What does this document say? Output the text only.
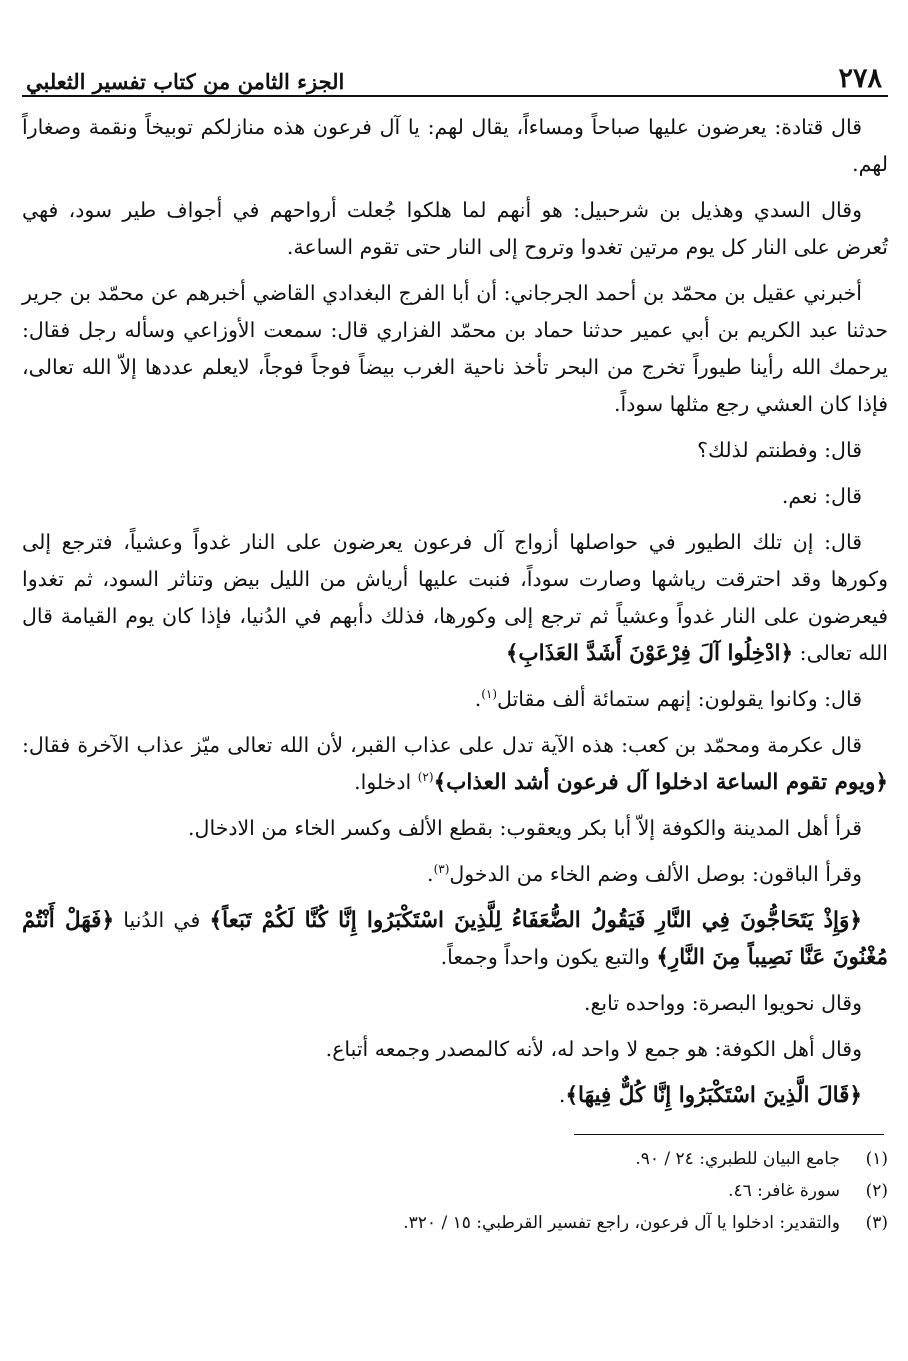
٢٧٨
الجزء الثامن من كتاب تفسير الثعلبي

قال قتادة: يعرضون عليها صباحاً ومساءاً، يقال لهم: يا آل فرعون هذه منازلكم توبيخاً ونقمة وصغاراً لهم.

وقال السدي وهذيل بن شرحبيل: هو أنهم لما هلكوا جُعلت أرواحهم في أجواف طير سود، فهي تُعرض على النار كل يوم مرتين تغدوا وتروح إلى النار حتى تقوم الساعة.

أخبرني عقيل بن محمّد بن أحمد الجرجاني: أن أبا الفرج البغدادي القاضي أخبرهم عن محمّد بن جرير حدثنا عبد الكريم بن أبي عمير حدثنا حماد بن محمّد الفزاري قال: سمعت الأوزاعي وسأله رجل فقال: يرحمك الله رأينا طيوراً تخرج من البحر تأخذ ناحية الغرب بيضاً فوجاً فوجاً، لايعلم عددها إلاّ الله تعالى، فإذا كان العشي رجع مثلها سوداً.

قال: وفطنتم لذلك؟

قال: نعم.

قال: إن تلك الطيور في حواصلها أزواج آل فرعون يعرضون على النار غدواً وعشياً، فترجع إلى وكورها وقد احترقت رياشها وصارت سوداً، فنبت عليها أرياش من الليل بيض وتناثر السود، ثم تغدوا فيعرضون على النار غدواً وعشياً ثم ترجع إلى وكورها، فذلك دأبهم في الدُنيا، فإذا كان يوم القيامة قال الله تعالى: ﴿ادْخِلُوا آلَ فِرْعَوْنَ أَشَدَّ العَذَابِ﴾

قال: وكانوا يقولون: إنهم ستمائة ألف مقاتل$^{(١)}$.

قال عكرمة ومحمّد بن كعب: هذه الآية تدل على عذاب القبر، لأن الله تعالى ميّز عذاب الآخرة فقال: ﴿ويوم تقوم الساعة ادخلوا آل فرعون أشد العذاب﴾$^{(٢)}$ ادخلوا.

قرأ أهل المدينة والكوفة إلاّ أبا بكر ويعقوب: بقطع الألف وكسر الخاء من الادخال.

وقرأ الباقون: بوصل الألف وضم الخاء من الدخول$^{(٣)}$.

﴿وَإِذْ يَتَحَاجُّونَ فِي النَّارِ فَيَقُولُ الضُّعَفَاءُ لِلَّذِينَ اسْتَكْبَرُوا إِنَّا كُنَّا لَكُمْ تَبَعاً﴾ في الدُنيا ﴿فَهَلْ أَنْتُمْ مُغْنُونَ عَنَّا نَصِيباً مِنَ النَّارِ﴾ والتبع يكون واحداً وجمعاً.

وقال نحويوا البصرة: وواحده تابع.

وقال أهل الكوفة: هو جمع لا واحد له، لأنه كالمصدر وجمعه أتباع.

﴿قَالَ الَّذِينَ اسْتَكْبَرُوا إِنَّا كُلٌّ فِيهَا﴾.

(١)
جامع البيان للطبري: ٢٤ / ٩٠.
(٢)
سورة غافر: ٤٦.
(٣)
والتقدير: ادخلوا يا آل فرعون، راجع تفسير القرطبي: ١٥ / ٣٢٠.
